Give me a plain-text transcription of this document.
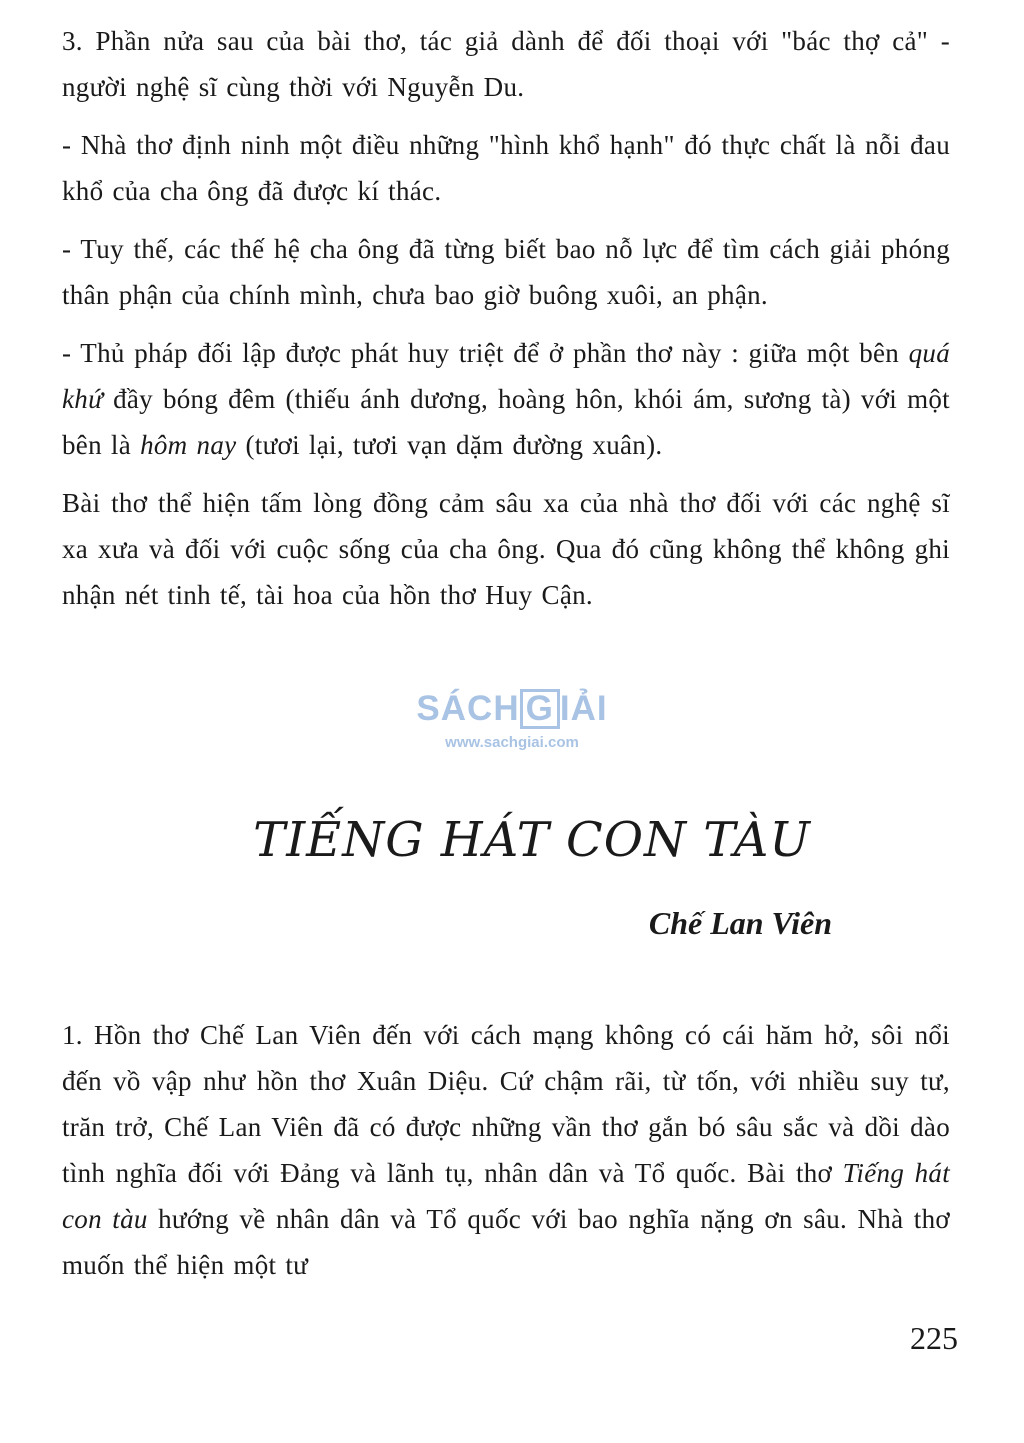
3. Phần nửa sau của bài thơ, tác giả dành để đối thoại với "bác thợ cả" - người nghệ sĩ cùng thời với Nguyễn Du.

- Nhà thơ định ninh một điều những "hình khổ hạnh" đó thực chất là nỗi đau khổ của cha ông đã được kí thác.

- Tuy thế, các thế hệ cha ông đã từng biết bao nỗ lực để tìm cách giải phóng thân phận của chính mình, chưa bao giờ buông xuôi, an phận.

- Thủ pháp đối lập được phát huy triệt để ở phần thơ này : giữa một bên quá khứ đầy bóng đêm (thiếu ánh dương, hoàng hôn, khói ám, sương tà) với một bên là hôm nay (tươi lại, tươi vạn dặm đường xuân).

Bài thơ thể hiện tấm lòng đồng cảm sâu xa của nhà thơ đối với các nghệ sĩ xa xưa và đối với cuộc sống của cha ông. Qua đó cũng không thể không ghi nhận nét tinh tế, tài hoa của hồn thơ Huy Cận.

SÁCH G IẢI
www.sachgiai.com
TIẾNG HÁT CON TÀU
Chế Lan Viên

1. Hồn thơ Chế Lan Viên đến với cách mạng không có cái hăm hở, sôi nổi đến vồ vập như hồn thơ Xuân Diệu. Cứ chậm rãi, từ tốn, với nhiều suy tư, trăn trở, Chế Lan Viên đã có được những vần thơ gắn bó sâu sắc và dồi dào tình nghĩa đối với Đảng và lãnh tụ, nhân dân và Tổ quốc. Bài thơ Tiếng hát con tàu hướng về nhân dân và Tổ quốc với bao nghĩa nặng ơn sâu. Nhà thơ muốn thể hiện một tư

225
